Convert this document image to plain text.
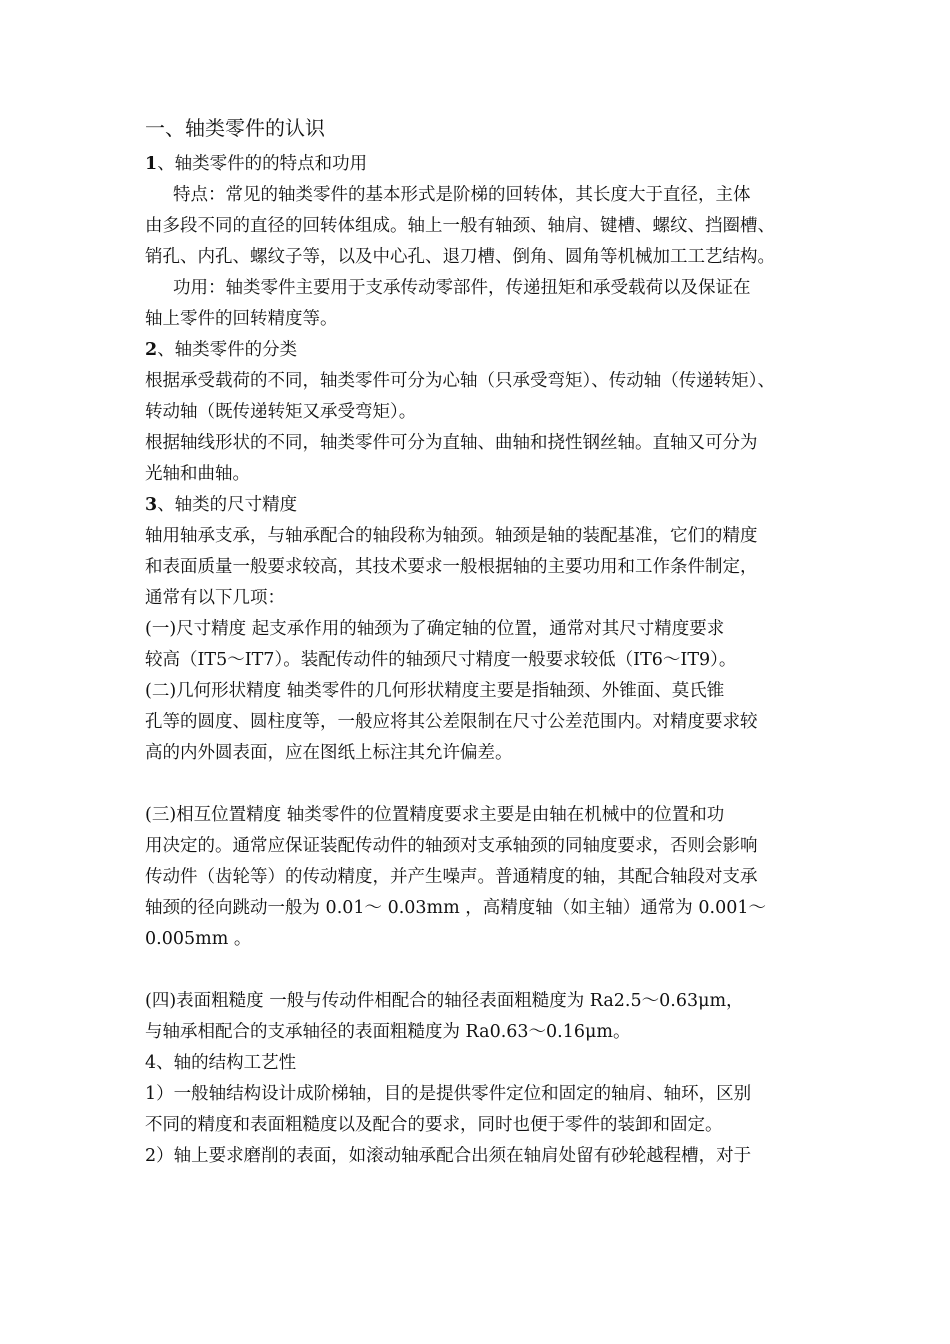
一、轴类零件的认识
1、轴类零件的的特点和功用
特点：常见的轴类零件的基本形式是阶梯的回转体，其长度大于直径，主体
由多段不同的直径的回转体组成。轴上一般有轴颈、轴肩、键槽、螺纹、挡圈槽、
销孔、内孔、螺纹子等，以及中心孔、退刀槽、倒角、圆角等机械加工工艺结构。
功用：轴类零件主要用于支承传动零部件，传递扭矩和承受载荷以及保证在
轴上零件的回转精度等。
2、轴类零件的分类
根据承受载荷的不同，轴类零件可分为心轴（只承受弯矩）、传动轴（传递转矩）、
转动轴（既传递转矩又承受弯矩）。
根据轴线形状的不同，轴类零件可分为直轴、曲轴和挠性钢丝轴。直轴又可分为
光轴和曲轴。
3、轴类的尺寸精度
轴用轴承支承，与轴承配合的轴段称为轴颈。轴颈是轴的装配基准，它们的精度
和表面质量一般要求较高，其技术要求一般根据轴的主要功用和工作条件制定，
通常有以下几项：
(一)尺寸精度 起支承作用的轴颈为了确定轴的位置，通常对其尺寸精度要求
较高（IT5～IT7）。装配传动件的轴颈尺寸精度一般要求较低（IT6～IT9）。
(二)几何形状精度 轴类零件的几何形状精度主要是指轴颈、外锥面、莫氏锥
孔等的圆度、圆柱度等，一般应将其公差限制在尺寸公差范围内。对精度要求较
高的内外圆表面，应在图纸上标注其允许偏差。
(三)相互位置精度 轴类零件的位置精度要求主要是由轴在机械中的位置和功
用决定的。通常应保证装配传动件的轴颈对支承轴颈的同轴度要求，否则会影响
传动件（齿轮等）的传动精度，并产生噪声。普通精度的轴，其配合轴段对支承
轴颈的径向跳动一般为 0.01～ 0.03mm ，高精度轴（如主轴）通常为 0.001～
0.005mm 。
(四)表面粗糙度 一般与传动件相配合的轴径表面粗糙度为 Ra2.5～0.63μm，
与轴承相配合的支承轴径的表面粗糙度为 Ra0.63～0.16μm。
4、轴的结构工艺性
1）一般轴结构设计成阶梯轴，目的是提供零件定位和固定的轴肩、轴环，区别
不同的精度和表面粗糙度以及配合的要求，同时也便于零件的装卸和固定。
2）轴上要求磨削的表面，如滚动轴承配合出须在轴肩处留有砂轮越程槽，对于
